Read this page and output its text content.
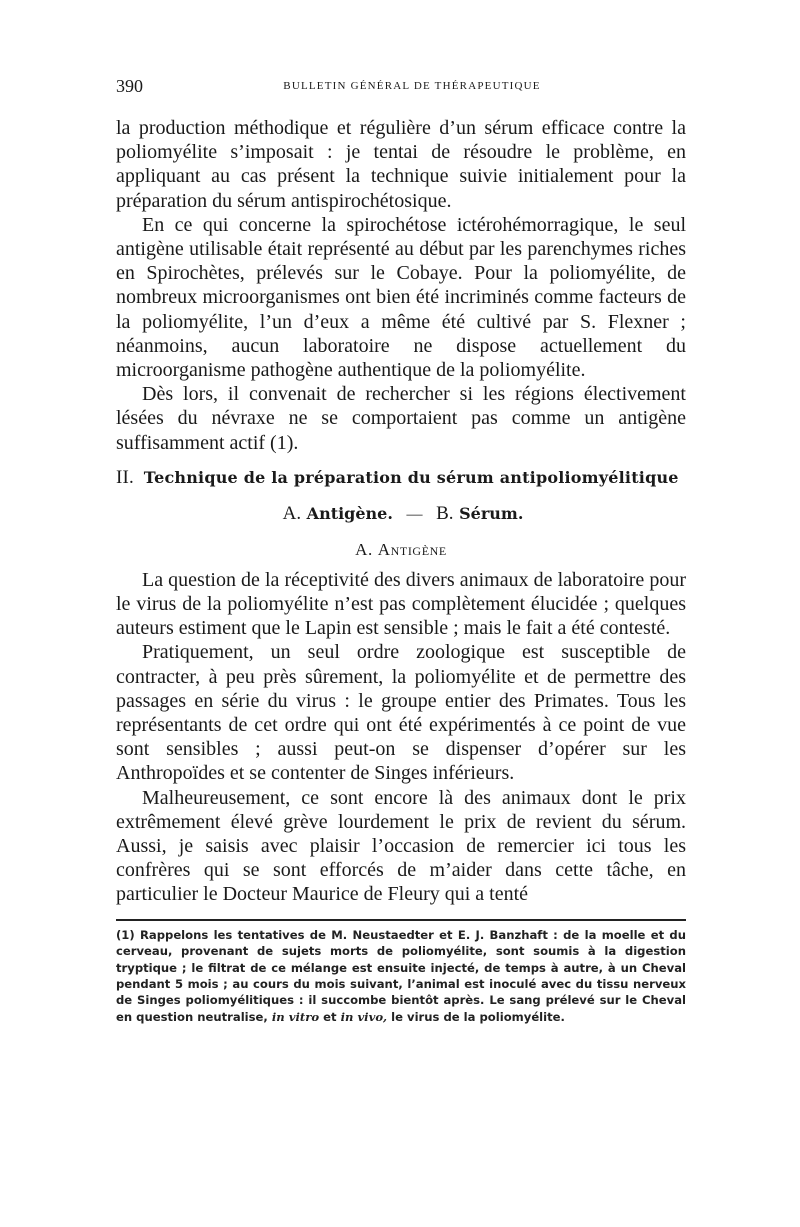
390	BULLETIN GÉNÉRAL DE THÉRAPEUTIQUE

la production méthodique et régulière d’un sérum efficace contre la poliomyélite s’imposait : je tentai de résoudre le problème, en appliquant au cas présent la technique suivie initialement pour la préparation du sérum antispirochétosique.

En ce qui concerne la spirochétose ictérohémorragique, le seul antigène utilisable était représenté au début par les parenchymes riches en Spirochètes, prélevés sur le Cobaye. Pour la poliomyélite, de nombreux microorganismes ont bien été incriminés comme facteurs de la poliomyélite, l’un d’eux a même été cultivé par S. Flexner ; néanmoins, aucun laboratoire ne dispose actuellement du microorganisme pathogène authentique de la poliomyélite.

Dès lors, il convenait de rechercher si les régions électivement lésées du névraxe ne se comportaient pas comme un antigène suffisamment actif (1).

II. Technique de la préparation du sérum antipoliomyélitique
A. Antigène. — B. Sérum.
A. Antigène

La question de la réceptivité des divers animaux de laboratoire pour le virus de la poliomyélite n’est pas complètement élucidée ; quelques auteurs estiment que le Lapin est sensible ; mais le fait a été contesté.

Pratiquement, un seul ordre zoologique est susceptible de contracter, à peu près sûrement, la poliomyélite et de permettre des passages en série du virus : le groupe entier des Primates. Tous les représentants de cet ordre qui ont été expérimentés à ce point de vue sont sensibles ; aussi peut-on se dispenser d’opérer sur les Anthropoïdes et se contenter de Singes inférieurs.

Malheureusement, ce sont encore là des animaux dont le prix extrêmement élevé grève lourdement le prix de revient du sérum. Aussi, je saisis avec plaisir l’occasion de remercier ici tous les confrères qui se sont efforcés de m’aider dans cette tâche, en particulier le Docteur Maurice de Fleury qui a tenté

(1) Rappelons les tentatives de M. Neustaedter et E. J. Banzhaft : de la moelle et du cerveau, provenant de sujets morts de poliomyélite, sont soumis à la digestion tryptique ; le filtrat de ce mélange est ensuite injecté, de temps à autre, à un Cheval pendant 5 mois ; au cours du mois suivant, l’animal est inoculé avec du tissu nerveux de Singes poliomyélitiques : il succombe bientôt après. Le sang prélevé sur le Cheval en question neutralise, in vitro et in vivo, le virus de la poliomyélite.
